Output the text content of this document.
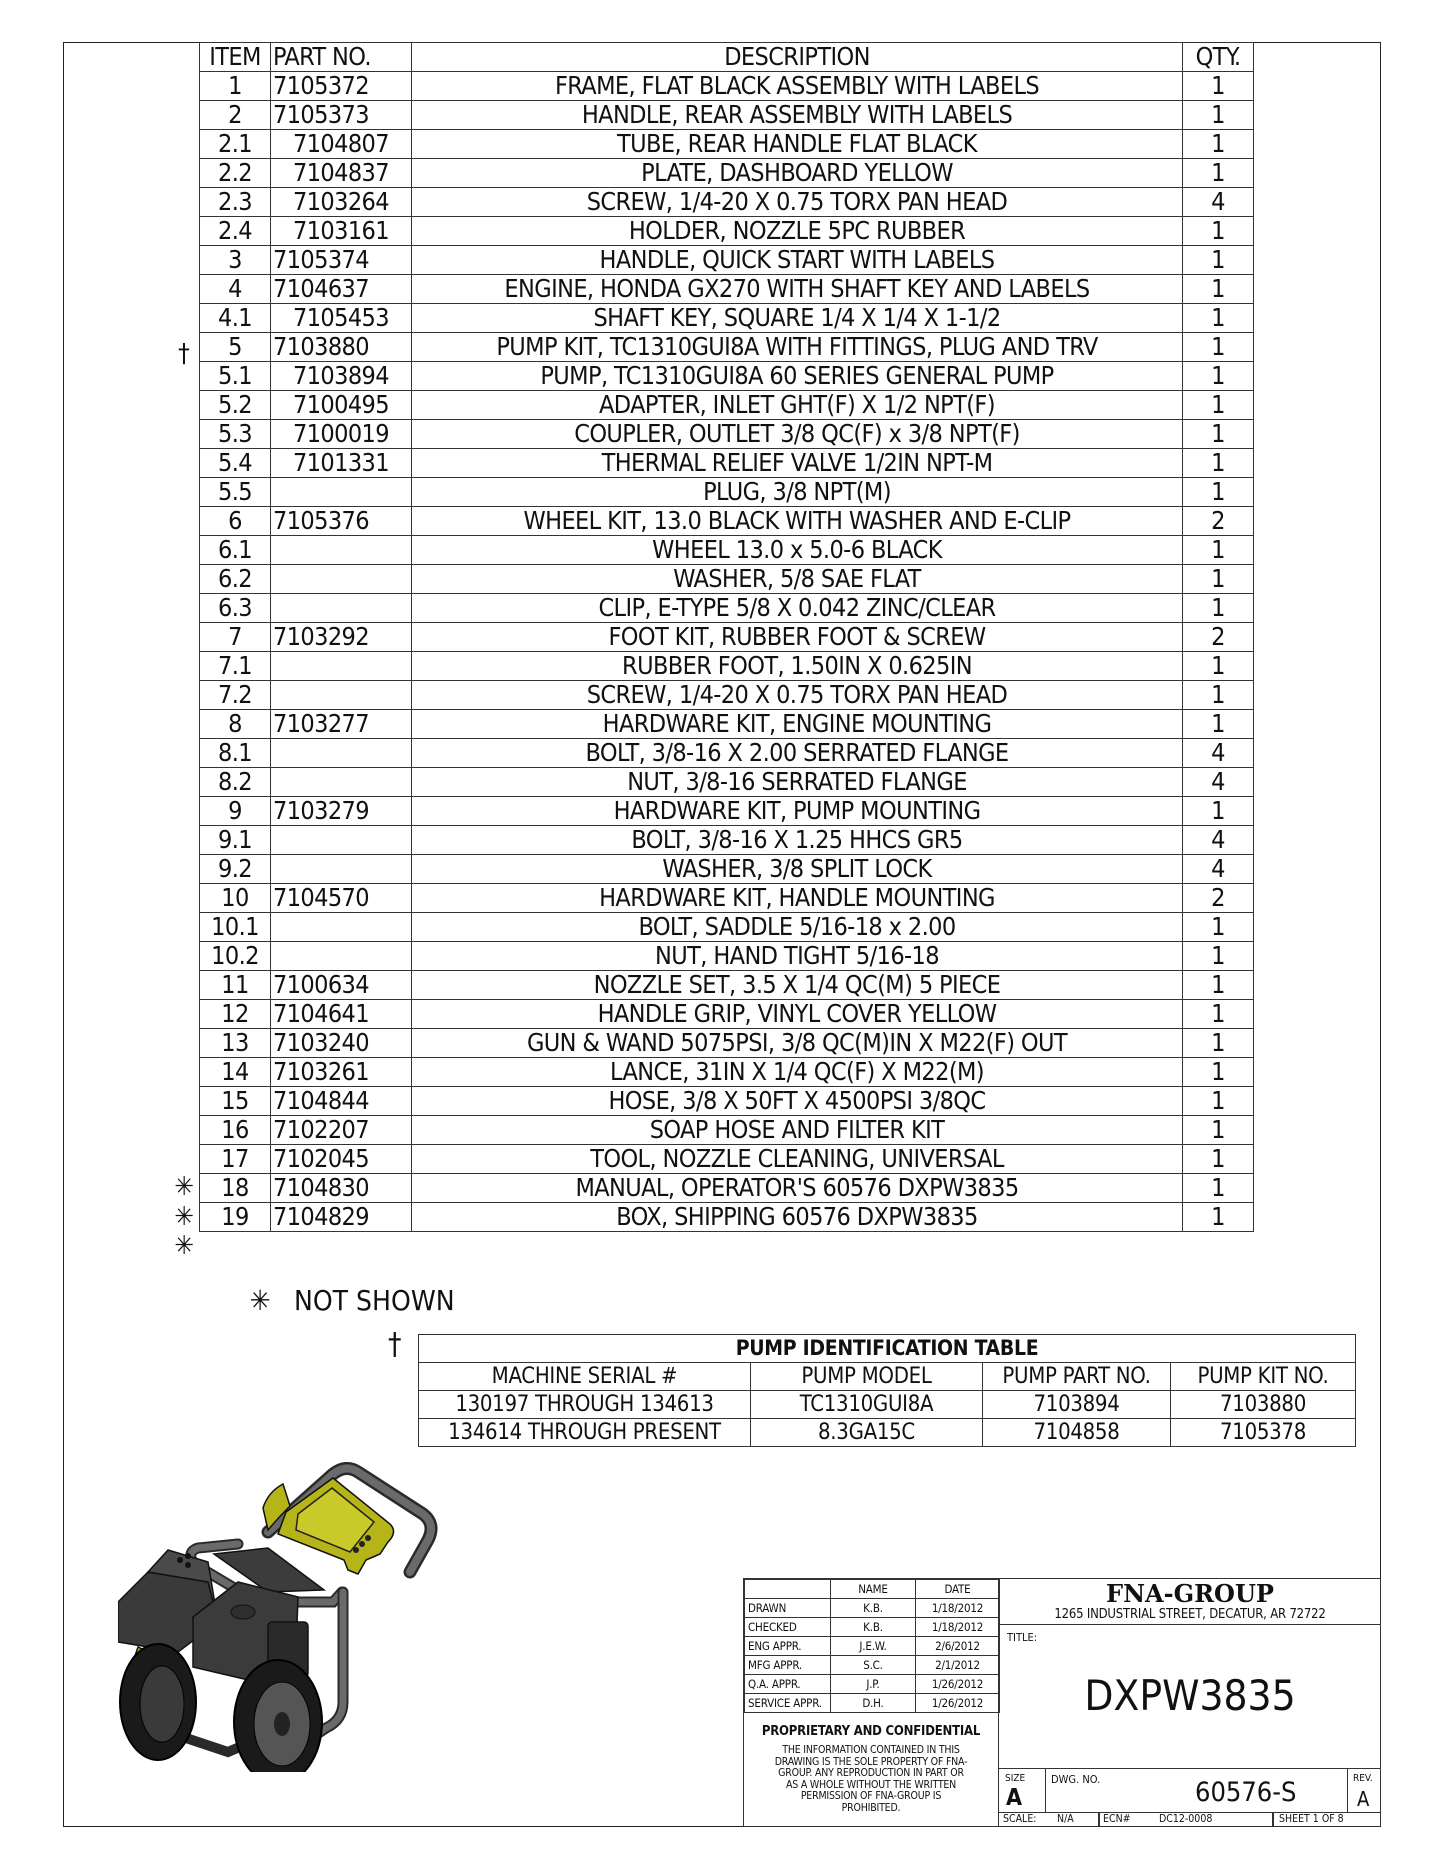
ITEM	PART NO.	DESCRIPTION	QTY.
1	7105372	FRAME, FLAT BLACK ASSEMBLY WITH LABELS	1
2	7105373	HANDLE, REAR ASSEMBLY WITH LABELS	1
2.1	7104807	TUBE, REAR HANDLE FLAT BLACK	1
2.2	7104837	PLATE, DASHBOARD YELLOW	1
2.3	7103264	SCREW, 1/4-20 X 0.75 TORX PAN HEAD	4
2.4	7103161	HOLDER, NOZZLE 5PC RUBBER	1
3	7105374	HANDLE, QUICK START WITH LABELS	1
4	7104637	ENGINE, HONDA GX270 WITH SHAFT KEY AND LABELS	1
4.1	7105453	SHAFT KEY, SQUARE 1/4 X 1/4 X 1-1/2	1
5	7103880	PUMP KIT, TC1310GUI8A WITH FITTINGS, PLUG AND TRV	1
5.1	7103894	PUMP, TC1310GUI8A 60 SERIES GENERAL PUMP	1
5.2	7100495	ADAPTER, INLET GHT(F) X 1/2 NPT(F)	1
5.3	7100019	COUPLER, OUTLET 3/8 QC(F) x 3/8 NPT(F)	1
5.4	7101331	THERMAL RELIEF VALVE 1/2IN NPT-M	1
5.5		PLUG, 3/8 NPT(M)	1
6	7105376	WHEEL KIT, 13.0 BLACK WITH WASHER AND E-CLIP	2
6.1		WHEEL 13.0 x 5.0-6 BLACK	1
6.2		WASHER, 5/8 SAE FLAT	1
6.3		CLIP, E-TYPE 5/8 X 0.042 ZINC/CLEAR	1
7	7103292	FOOT KIT, RUBBER FOOT & SCREW	2
7.1		RUBBER FOOT, 1.50IN X 0.625IN	1
7.2		SCREW, 1/4-20 X 0.75 TORX PAN HEAD	1
8	7103277	HARDWARE KIT, ENGINE MOUNTING	1
8.1		BOLT, 3/8-16 X 2.00 SERRATED FLANGE	4
8.2		NUT, 3/8-16 SERRATED FLANGE	4
9	7103279	HARDWARE KIT, PUMP MOUNTING	1
9.1		BOLT, 3/8-16 X 1.25 HHCS GR5	4
9.2		WASHER, 3/8 SPLIT LOCK	4
10	7104570	HARDWARE KIT, HANDLE MOUNTING	2
10.1		BOLT, SADDLE 5/16-18 x 2.00	1
10.2		NUT, HAND TIGHT 5/16-18	1
11	7100634	NOZZLE SET, 3.5 X 1/4 QC(M) 5 PIECE	1
12	7104641	HANDLE GRIP, VINYL COVER YELLOW	1
13	7103240	GUN & WAND 5075PSI, 3/8 QC(M)IN X M22(F) OUT	1
14	7103261	LANCE, 31IN X 1/4 QC(F) X M22(M)	1
15	7104844	HOSE, 3/8 X 50FT X 4500PSI 3/8QC	1
16	7102207	SOAP HOSE AND FILTER KIT	1
17	7102045	TOOL, NOZZLE CLEANING, UNIVERSAL	1
18	7104830	MANUAL, OPERATOR'S 60576 DXPW3835	1
19	7104829	BOX, SHIPPING 60576 DXPW3835	1
†
✳
✳
✳
✳ NOT SHOWN
†	PUMP IDENTIFICATION TABLE			
MACHINE SERIAL #	PUMP MODEL	PUMP PART NO.	PUMP KIT NO.
130197 THROUGH 134613	TC1310GUI8A	7103894	7103880
134614 THROUGH PRESENT	8.3GA15C	7104858	7105378
	NAME	DATE
DRAWN	K.B.	1/18/2012
CHECKED	K.B.	1/18/2012
ENG APPR.	J.E.W.	2/6/2012
MFG APPR.	S.C.	2/1/2012
Q.A. APPR.	J.P.	1/26/2012
SERVICE APPR.	D.H.	1/26/2012
PROPRIETARY AND CONFIDENTIAL
THE INFORMATION CONTAINED IN THIS DRAWING IS THE SOLE PROPERTY OF FNA-GROUP. ANY REPRODUCTION IN PART OR AS A WHOLE WITHOUT THE WRITTEN PERMISSION OF FNA-GROUP IS PROHIBITED.
FNA-GROUP
1265 INDUSTRIAL STREET, DECATUR, AR 72722
TITLE:
DXPW3835
SIZE
A
DWG. NO.	60576-S	REV.
A
SCALE: N/A	ECN#	DC12-0008	SHEET 1 OF 8
